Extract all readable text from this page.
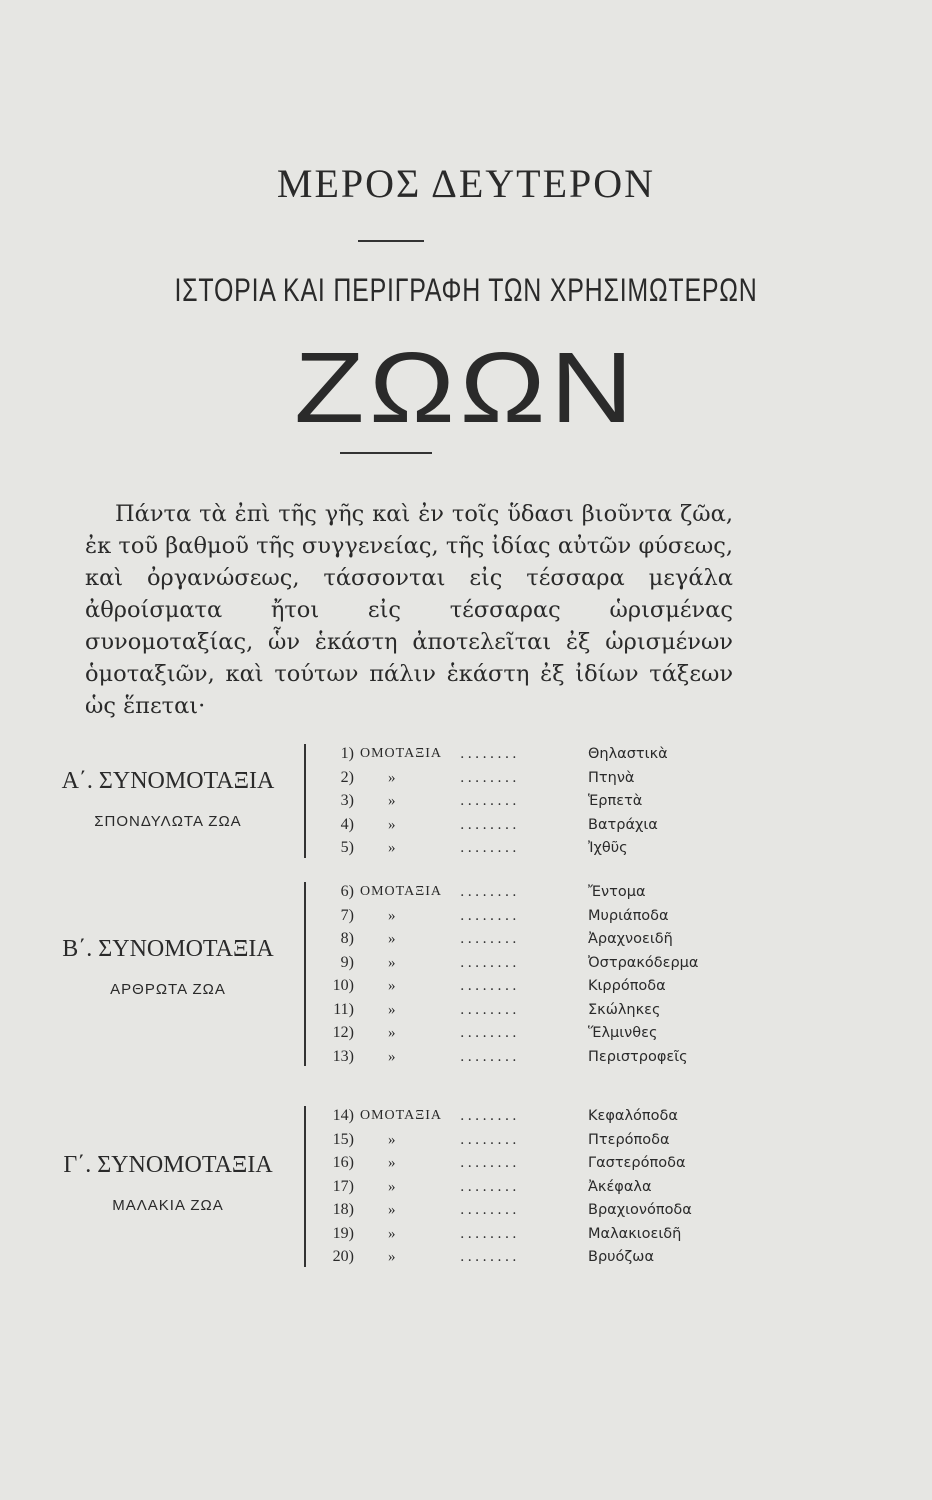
ΜΕΡΟΣ ΔΕΥΤΕΡΟΝ
ΙΣΤΟΡΙΑ ΚΑΙ ΠΕΡΙΓΡΑΦΗ ΤΩΝ ΧΡΗΣΙΜΩΤΕΡΩΝ
ΖΩΩΝ
Πάντα τὰ ἐπὶ τῆς γῆς καὶ ἐν τοῖς ὕδασι βιοῦντα ζῶα, ἐκ τοῦ βαθμοῦ τῆς συγγενείας, τῆς ἰδίας αὐτῶν φύσεως, καὶ ὀργανώσεως, τάσσονται εἰς τέσσαρα μεγάλα ἀθροίσματα ἤτοι εἰς τέσσαρας ὡρισμένας συνομοταξίας, ὧν ἑκάστη ἀποτελεῖται ἐξ ὡρισμένων ὁμοταξιῶν, καὶ τούτων πάλιν ἑκάστη ἐξ ἰδίων τάξεων ὡς ἕπεται·
Α΄. ΣΥΝΟΜΟΤΑΞΙΑ
ΣΠΟΝΔΥΛΩΤΑ ΖΩΑ
1) ΟΜΟΤΑΞΙΑ ........	Θηλαστικὰ
2) »	........	Πτηνὰ
3) »	........	Ἑρπετὰ
4) »	........	Βατράχια
5) »	........	Ἰχθῦς
Β΄. ΣΥΝΟΜΟΤΑΞΙΑ
ΑΡΘΡΩΤΑ ΖΩΑ
6) ΟΜΟΤΑΞΙΑ ........	Ἔντομα
7) »	........	Μυριάποδα
8) »	........	Ἀραχνοειδῆ
9) »	........	Ὀστρακόδερμα
10) »	........	Κιρρόποδα
11) »	........	Σκώληκες
12) »	........	Ἕλμινθες
13) »	........	Περιστροφεῖς
Γ΄. ΣΥΝΟΜΟΤΑΞΙΑ
ΜΑΛΑΚΙΑ ΖΩΑ
14) ΟΜΟΤΑΞΙΑ ........	Κεφαλόποδα
15) »	........	Πτερόποδα
16) »	........	Γαστερόποδα
17) »	........	Ἀκέφαλα
18) »	........	Βραχιονόποδα
19) »	........	Μαλακιοειδῆ
20) »	........	Βρυόζωα
